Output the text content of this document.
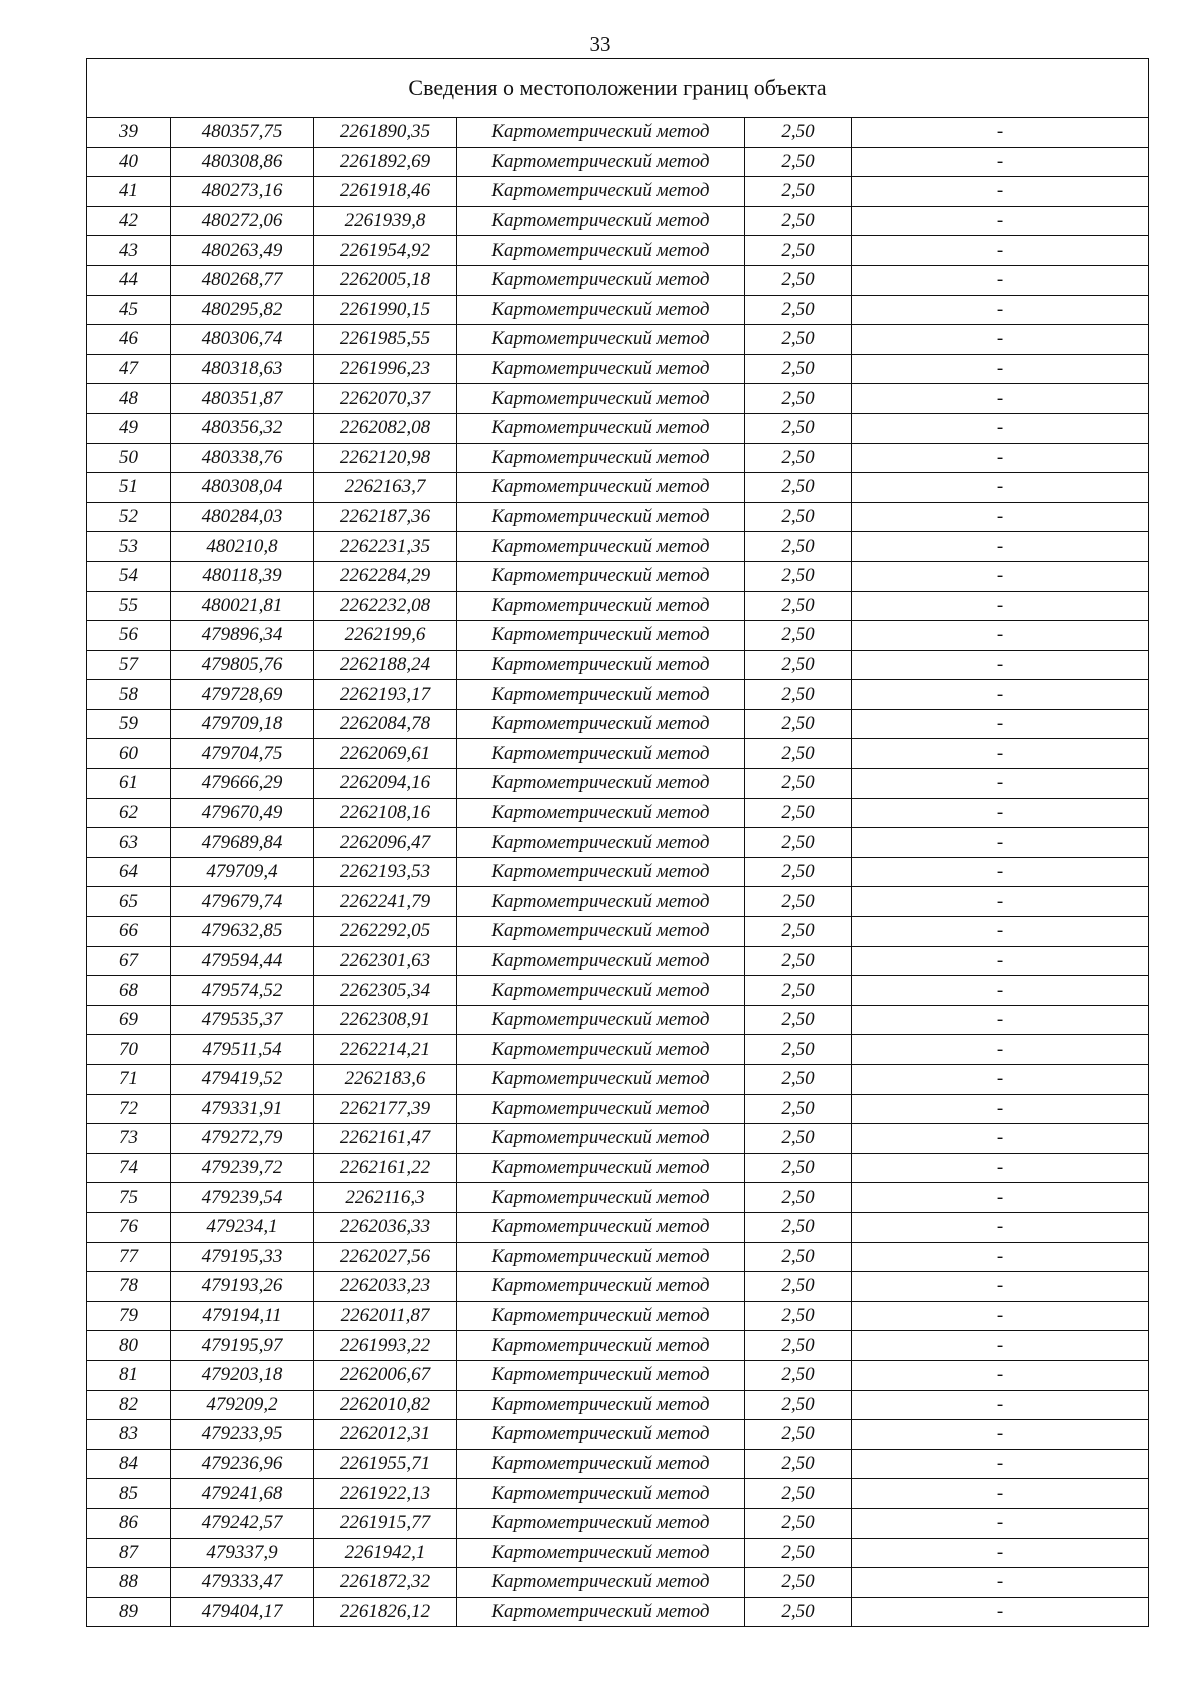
33
Сведения о местоположении границ объекта					
39	480357,75	2261890,35	Картометрический метод	2,50	-
40	480308,86	2261892,69	Картометрический метод	2,50	-
41	480273,16	2261918,46	Картометрический метод	2,50	-
42	480272,06	2261939,8	Картометрический метод	2,50	-
43	480263,49	2261954,92	Картометрический метод	2,50	-
44	480268,77	2262005,18	Картометрический метод	2,50	-
45	480295,82	2261990,15	Картометрический метод	2,50	-
46	480306,74	2261985,55	Картометрический метод	2,50	-
47	480318,63	2261996,23	Картометрический метод	2,50	-
48	480351,87	2262070,37	Картометрический метод	2,50	-
49	480356,32	2262082,08	Картометрический метод	2,50	-
50	480338,76	2262120,98	Картометрический метод	2,50	-
51	480308,04	2262163,7	Картометрический метод	2,50	-
52	480284,03	2262187,36	Картометрический метод	2,50	-
53	480210,8	2262231,35	Картометрический метод	2,50	-
54	480118,39	2262284,29	Картометрический метод	2,50	-
55	480021,81	2262232,08	Картометрический метод	2,50	-
56	479896,34	2262199,6	Картометрический метод	2,50	-
57	479805,76	2262188,24	Картометрический метод	2,50	-
58	479728,69	2262193,17	Картометрический метод	2,50	-
59	479709,18	2262084,78	Картометрический метод	2,50	-
60	479704,75	2262069,61	Картометрический метод	2,50	-
61	479666,29	2262094,16	Картометрический метод	2,50	-
62	479670,49	2262108,16	Картометрический метод	2,50	-
63	479689,84	2262096,47	Картометрический метод	2,50	-
64	479709,4	2262193,53	Картометрический метод	2,50	-
65	479679,74	2262241,79	Картометрический метод	2,50	-
66	479632,85	2262292,05	Картометрический метод	2,50	-
67	479594,44	2262301,63	Картометрический метод	2,50	-
68	479574,52	2262305,34	Картометрический метод	2,50	-
69	479535,37	2262308,91	Картометрический метод	2,50	-
70	479511,54	2262214,21	Картометрический метод	2,50	-
71	479419,52	2262183,6	Картометрический метод	2,50	-
72	479331,91	2262177,39	Картометрический метод	2,50	-
73	479272,79	2262161,47	Картометрический метод	2,50	-
74	479239,72	2262161,22	Картометрический метод	2,50	-
75	479239,54	2262116,3	Картометрический метод	2,50	-
76	479234,1	2262036,33	Картометрический метод	2,50	-
77	479195,33	2262027,56	Картометрический метод	2,50	-
78	479193,26	2262033,23	Картометрический метод	2,50	-
79	479194,11	2262011,87	Картометрический метод	2,50	-
80	479195,97	2261993,22	Картометрический метод	2,50	-
81	479203,18	2262006,67	Картометрический метод	2,50	-
82	479209,2	2262010,82	Картометрический метод	2,50	-
83	479233,95	2262012,31	Картометрический метод	2,50	-
84	479236,96	2261955,71	Картометрический метод	2,50	-
85	479241,68	2261922,13	Картометрический метод	2,50	-
86	479242,57	2261915,77	Картометрический метод	2,50	-
87	479337,9	2261942,1	Картометрический метод	2,50	-
88	479333,47	2261872,32	Картометрический метод	2,50	-
89	479404,17	2261826,12	Картометрический метод	2,50	-
